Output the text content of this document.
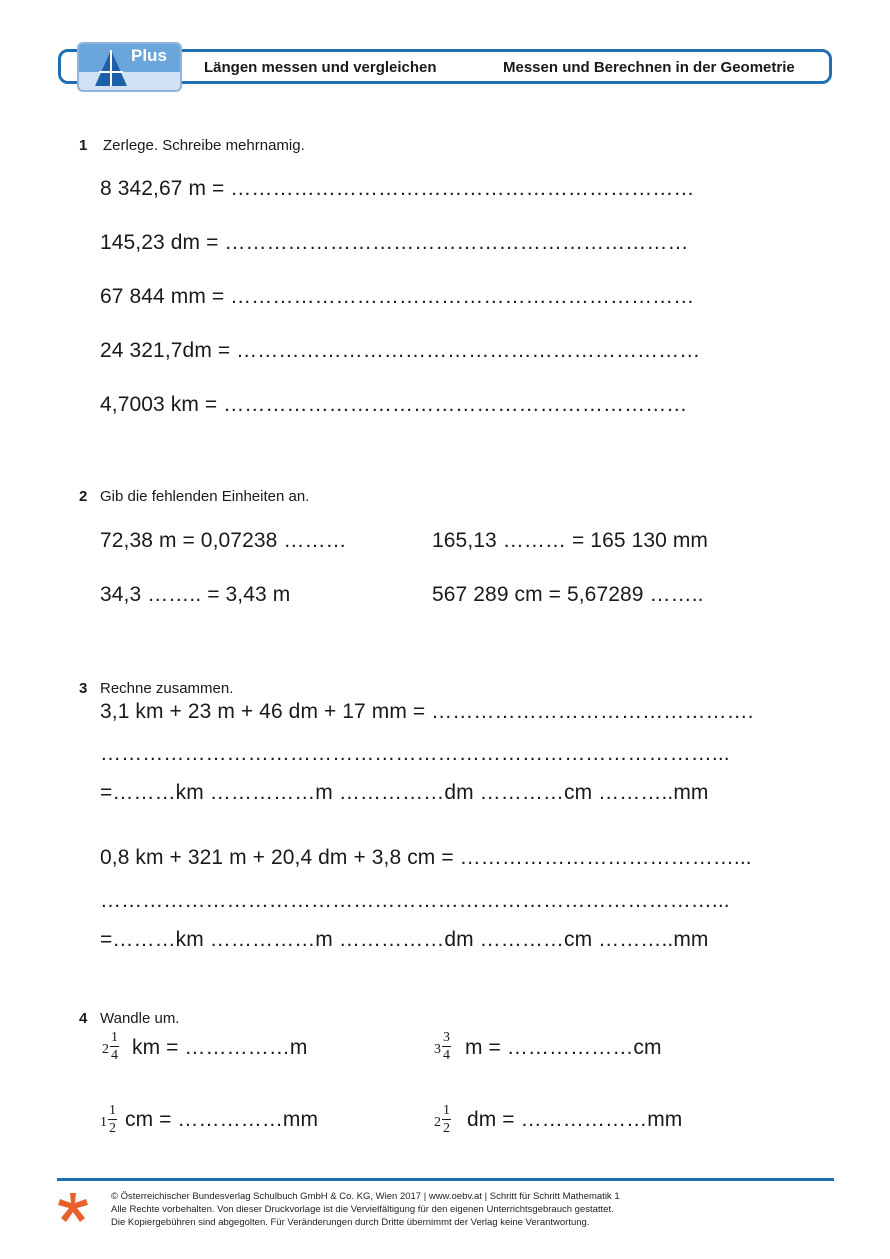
Plus
Längen messen und vergleichen	Messen und Berechnen in der Geometrie
1 Zerlege. Schreibe mehrnamig.
8 342,67 m = …………………………………………………………
145,23 dm = …………………………………………………………
67 844 mm = …………………………………………………………
24 321,7dm = …………………………………………………………
4,7003 km = …………………………………………………………
2 Gib die fehlenden Einheiten an.
72,38 m = 0,07238 ………	165,13 ……… = 165 130 mm
34,3 …….. = 3,43 m	567 289 cm = 5,67289 ……..
3 Rechne zusammen.
3,1 km + 23 m + 46 dm + 17 mm = ……………………………………….
……………………………………………………………………………...
=………km ……………m ……………dm …………cm ………..mm
0,8 km + 321 m + 20,4 dm + 3,8 cm = …………………………………...
……………………………………………………………………………...
=………km ……………m ……………dm …………cm ………..mm
4 Wandle um.
$2 \frac{1}{4}$ km = ……………m	$3 \frac{3}{4}$ m = ………………cm
$1 \frac{1}{2}$ cm = ……………mm	$2 \frac{1}{2}$ dm = ………………mm
© Österreichischer Bundesverlag Schulbuch GmbH & Co. KG, Wien 2017 | www.oebv.at | Schritt für Schritt Mathematik 1
Alle Rechte vorbehalten. Von dieser Druckvorlage ist die Vervielfältigung für den eigenen Unterrichtsgebrauch gestattet.
Die Kopiergebühren sind abgegolten. Für Veränderungen durch Dritte übernimmt der Verlag keine Verantwortung.
